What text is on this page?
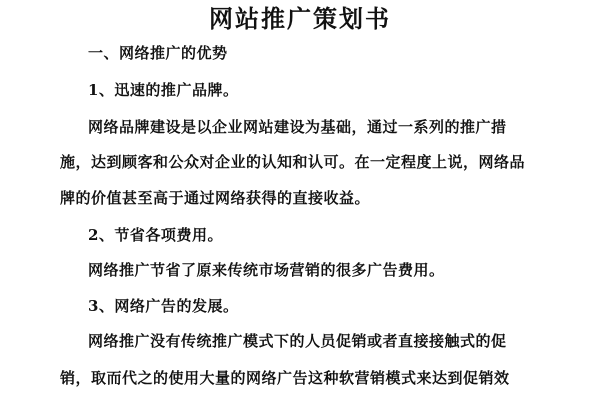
网站推广策划书

一、网络推广的优势

1、迅速的推广品牌。

网络品牌建设是以企业网站建设为基础，通过一系列的推广措

施，达到顾客和公众对企业的认知和认可。在一定程度上说，网络品

牌的价值甚至高于通过网络获得的直接收益。

2、节省各项费用。

网络推广节省了原来传统市场营销的很多广告费用。

3、网络广告的发展。

网络推广没有传统推广模式下的人员促销或者直接接触式的促

销，取而代之的使用大量的网络广告这种软营销模式来达到促销效
